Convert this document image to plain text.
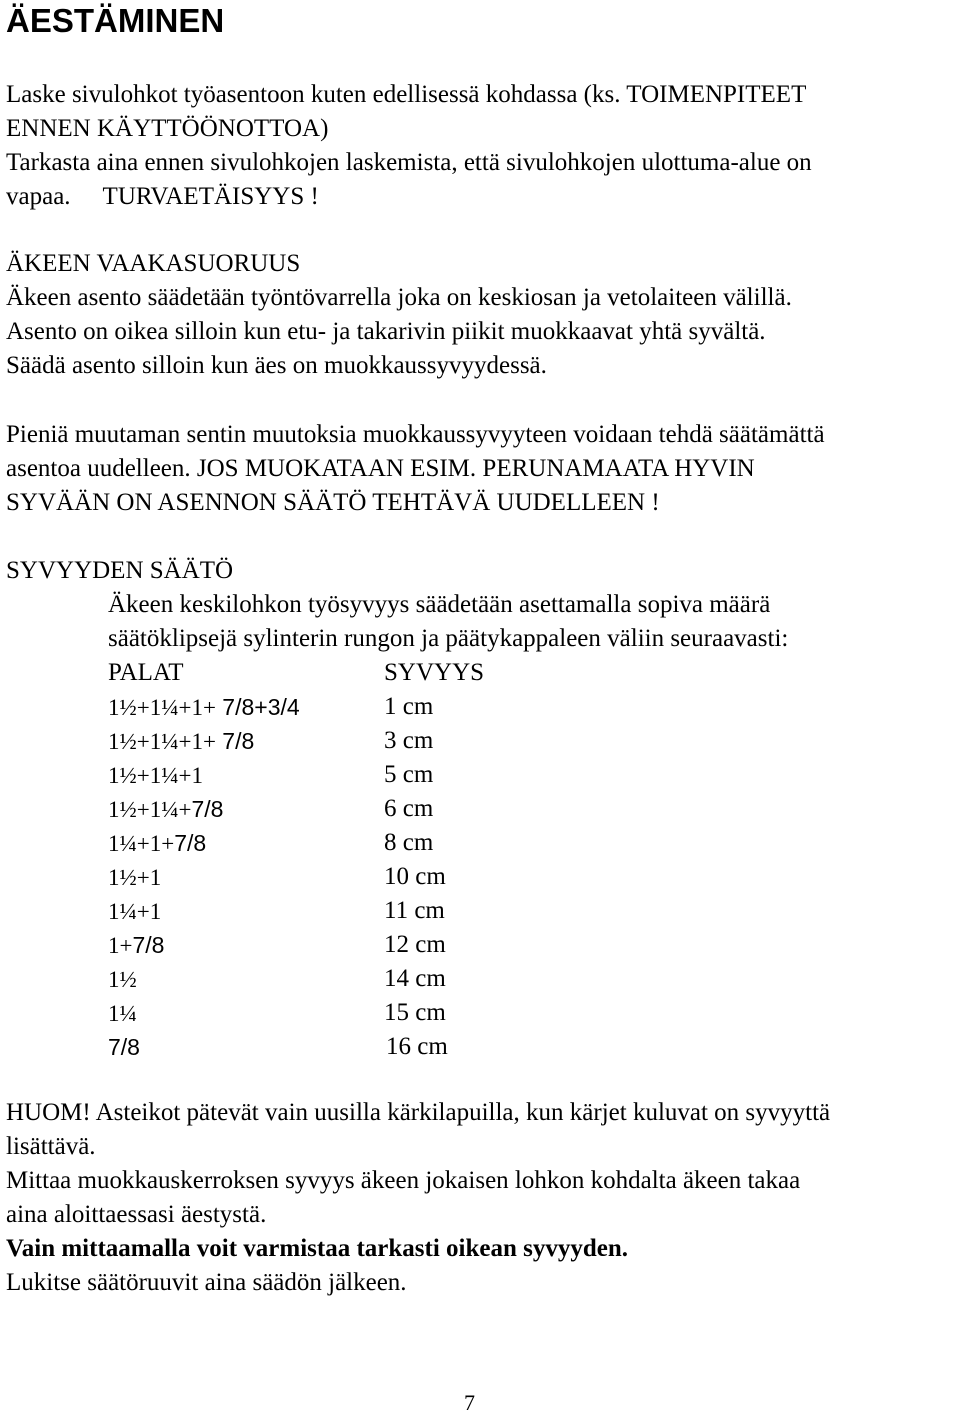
ÄESTÄMINEN
Laske sivulohkot työasentoon kuten edellisessä kohdassa (ks. TOIMENPITEET
ENNEN KÄYTTÖÖNOTTOA)
Tarkasta aina ennen sivulohkojen laskemista, että sivulohkojen ulottuma-alue on
vapaa. TURVAETÄISYYS !
ÄKEEN VAAKASUORUUS
Äkeen asento säädetään työntövarrella joka on keskiosan ja vetolaiteen välillä.
Asento on oikea silloin kun etu- ja takarivin piikit muokkaavat yhtä syvältä.
Säädä asento silloin kun äes on muokkaussyvyydessä.
Pieniä muutaman sentin muutoksia muokkaussyvyyteen voidaan tehdä säätämättä
asentoa uudelleen. JOS MUOKATAAN ESIM. PERUNAMAATA HYVIN
SYVÄÄN ON ASENNON SÄÄTÖ TEHTÄVÄ UUDELLEEN !
SYVYYDEN SÄÄTÖ
Äkeen keskilohkon työsyvyys säädetään asettamalla sopiva määrä
säätöklipsejä sylinterin rungon ja päätykappaleen väliin seuraavasti:
PALAT	SYVYYS
1½+1¼+1+ 7/8+3/4	1 cm
1½+1¼+1+ 7/8	3 cm
1½+1¼+1	5 cm
1½+1¼+7/8	6 cm
1¼+1+7/8	8 cm
1½+1	10 cm
1¼+1	11 cm
1+7/8	12 cm
1½	14 cm
1¼	15 cm
7/8	16 cm
HUOM! Asteikot pätevät vain uusilla kärkilapuilla, kun kärjet kuluvat on syvyyttä
lisättävä.
Mittaa muokkauskerroksen syvyys äkeen jokaisen lohkon kohdalta äkeen takaa
aina aloittaessasi äestystä.
Vain mittaamalla voit varmistaa tarkasti oikean syvyyden.
Lukitse säätöruuvit aina säädön jälkeen.
7
